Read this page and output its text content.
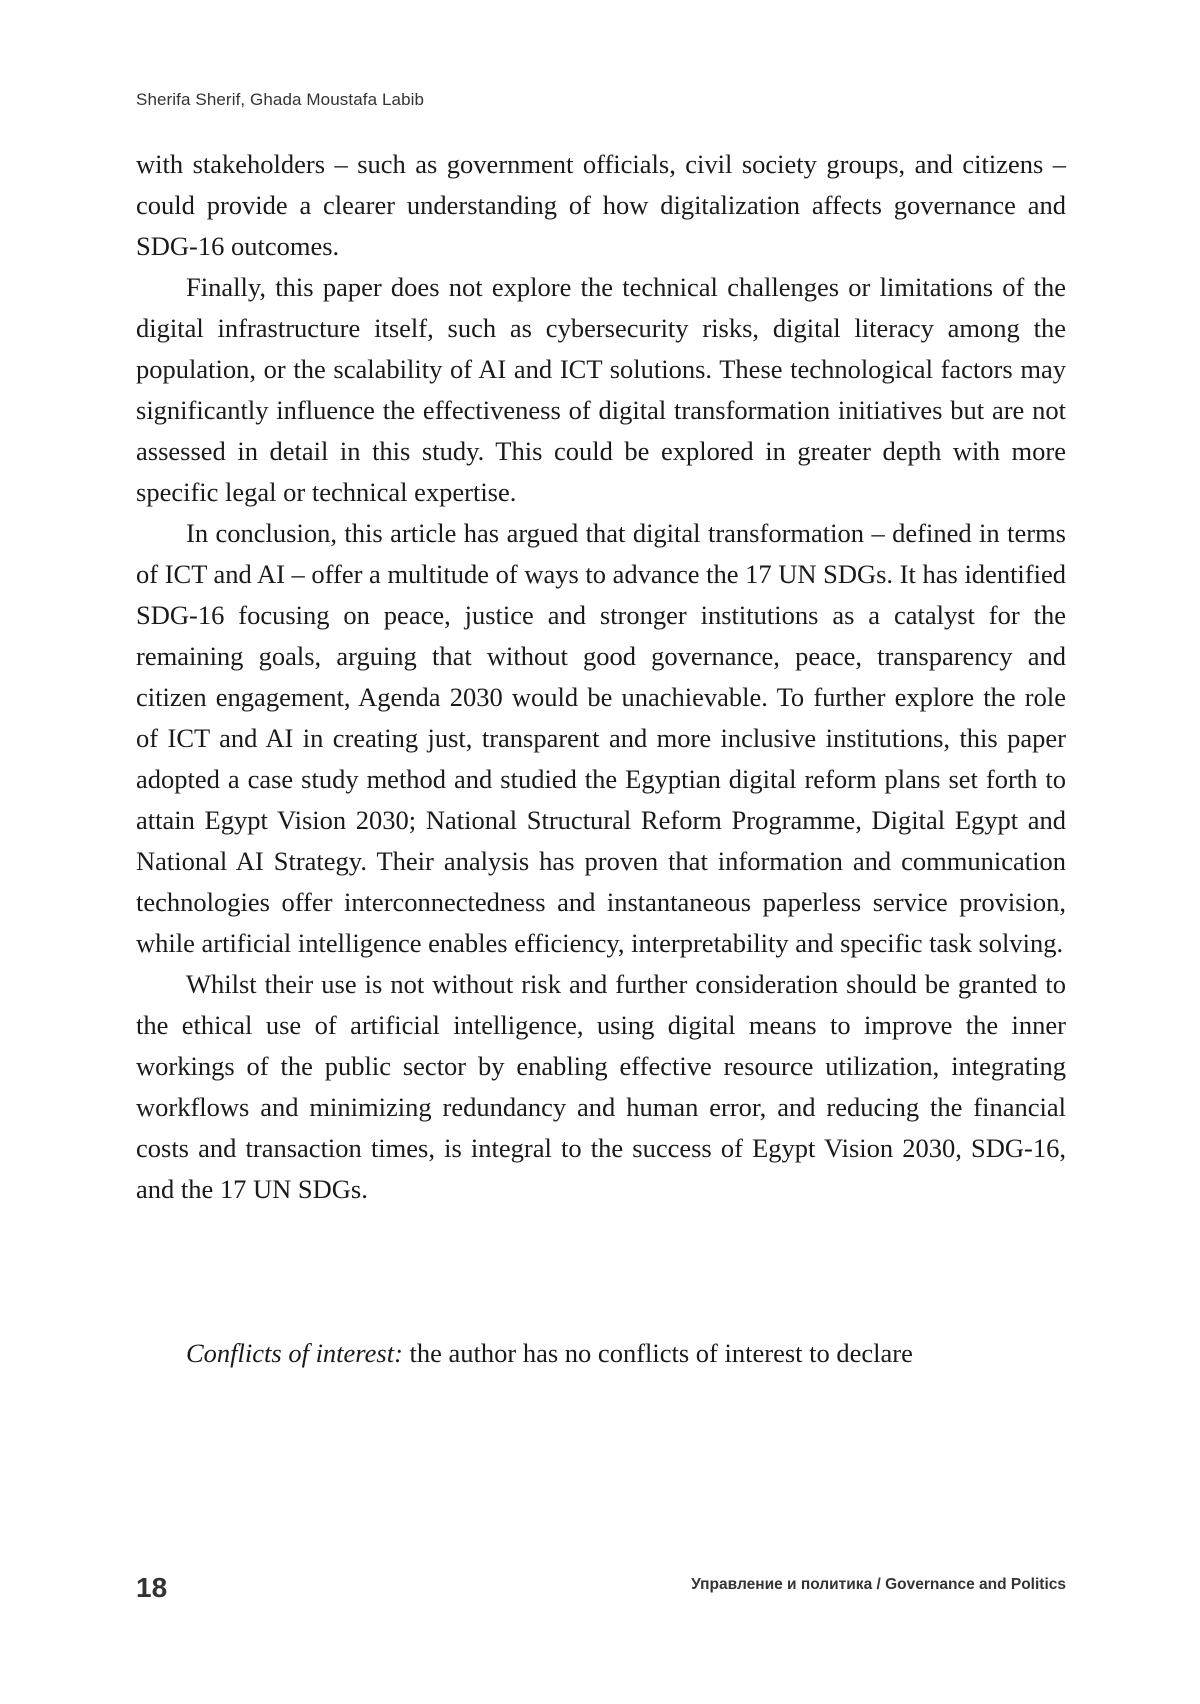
Sherifa Sherif, Ghada Moustafa Labib

with stakeholders – such as government officials, civil society groups, and citizens – could provide a clearer understanding of how digitalization affects governance and SDG-16 outcomes.

Finally, this paper does not explore the technical challenges or limitations of the digital infrastructure itself, such as cybersecurity risks, digital literacy among the population, or the scalability of AI and ICT solutions. These technological factors may significantly influence the effectiveness of digital transformation initiatives but are not assessed in detail in this study. This could be explored in greater depth with more specific legal or technical expertise.

In conclusion, this article has argued that digital transformation – defined in terms of ICT and AI – offer a multitude of ways to advance the 17 UN SDGs. It has identified SDG-16 focusing on peace, justice and stronger institutions as a catalyst for the remaining goals, arguing that without good governance, peace, transparency and citizen engagement, Agenda 2030 would be unachievable. To further explore the role of ICT and AI in creating just, transparent and more inclusive institutions, this paper adopted a case study method and studied the Egyptian digital reform plans set forth to attain Egypt Vision 2030; National Structural Reform Programme, Digital Egypt and National AI Strategy. Their analysis has proven that information and communication technologies offer interconnectedness and instantaneous paperless service provision, while artificial intelligence enables efficiency, interpretability and specific task solving.

Whilst their use is not without risk and further consideration should be granted to the ethical use of artificial intelligence, using digital means to improve the inner workings of the public sector by enabling effective resource utilization, integrating workflows and minimizing redundancy and human error, and reducing the financial costs and transaction times, is integral to the success of Egypt Vision 2030, SDG-16, and the 17 UN SDGs.

Conflicts of interest: the author has no conflicts of interest to declare
18	Управление и политика / Governance and Politics
